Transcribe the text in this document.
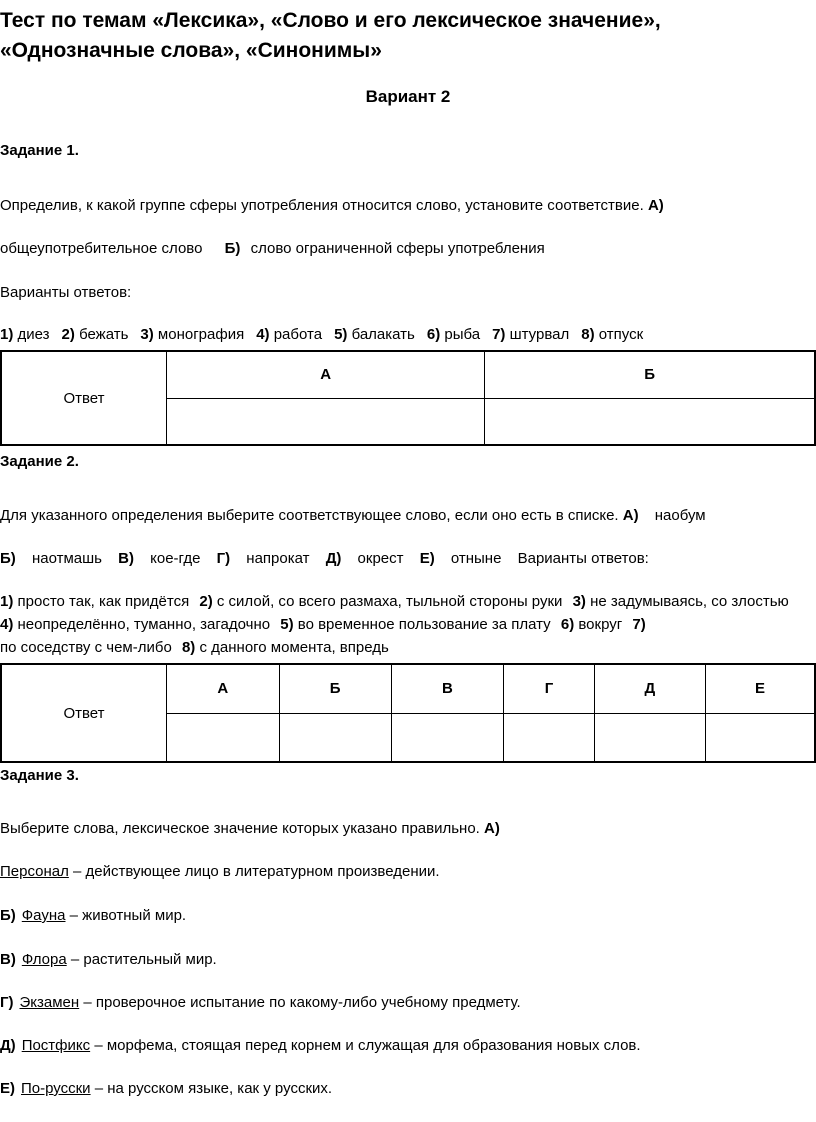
Тест по темам «Лексика», «Слово и его лексическое значение», «Однозначные слова», «Синонимы»
Вариант 2
Задание 1.
Определив, к какой группе сферы употребления относится слово, установите соответствие. А)
общеупотребительное слово Б) слово ограниченной сферы употребления
Варианты ответов:
1) диез 2) бежать 3) монография 4) работа 5) балакать 6) рыба 7) штурвал 8) отпуск
Ответ	А	Б

Задание 2.
Для указанного определения выберите соответствующее слово, если оно есть в списке. А) наобум
Б) наотмашь В) кое-где Г) напрокат Д) окрест Е) отныне Варианты ответов:
1) просто так, как придётся 2) с силой, со всего размаха, тыльной стороны руки 3) не задумываясь, со злостью
4) неопределённо, туманно, загадочно 5) во временное пользование за плату 6) вокруг 7)
по соседству с чем-либо 8) с данного момента, впредь
Ответ	А	Б	В	Г	Д	Е

Задание 3.
Выберите слова, лексическое значение которых указано правильно. А)
Персонал – действующее лицо в литературном произведении.
Б) Фауна – животный мир.
В) Флора – растительный мир.
Г) Экзамен – проверочное испытание по какому-либо учебному предмету.
Д) Постфикс – морфема, стоящая перед корнем и служащая для образования новых слов.
Е) По-русски – на русском языке, как у русских.
